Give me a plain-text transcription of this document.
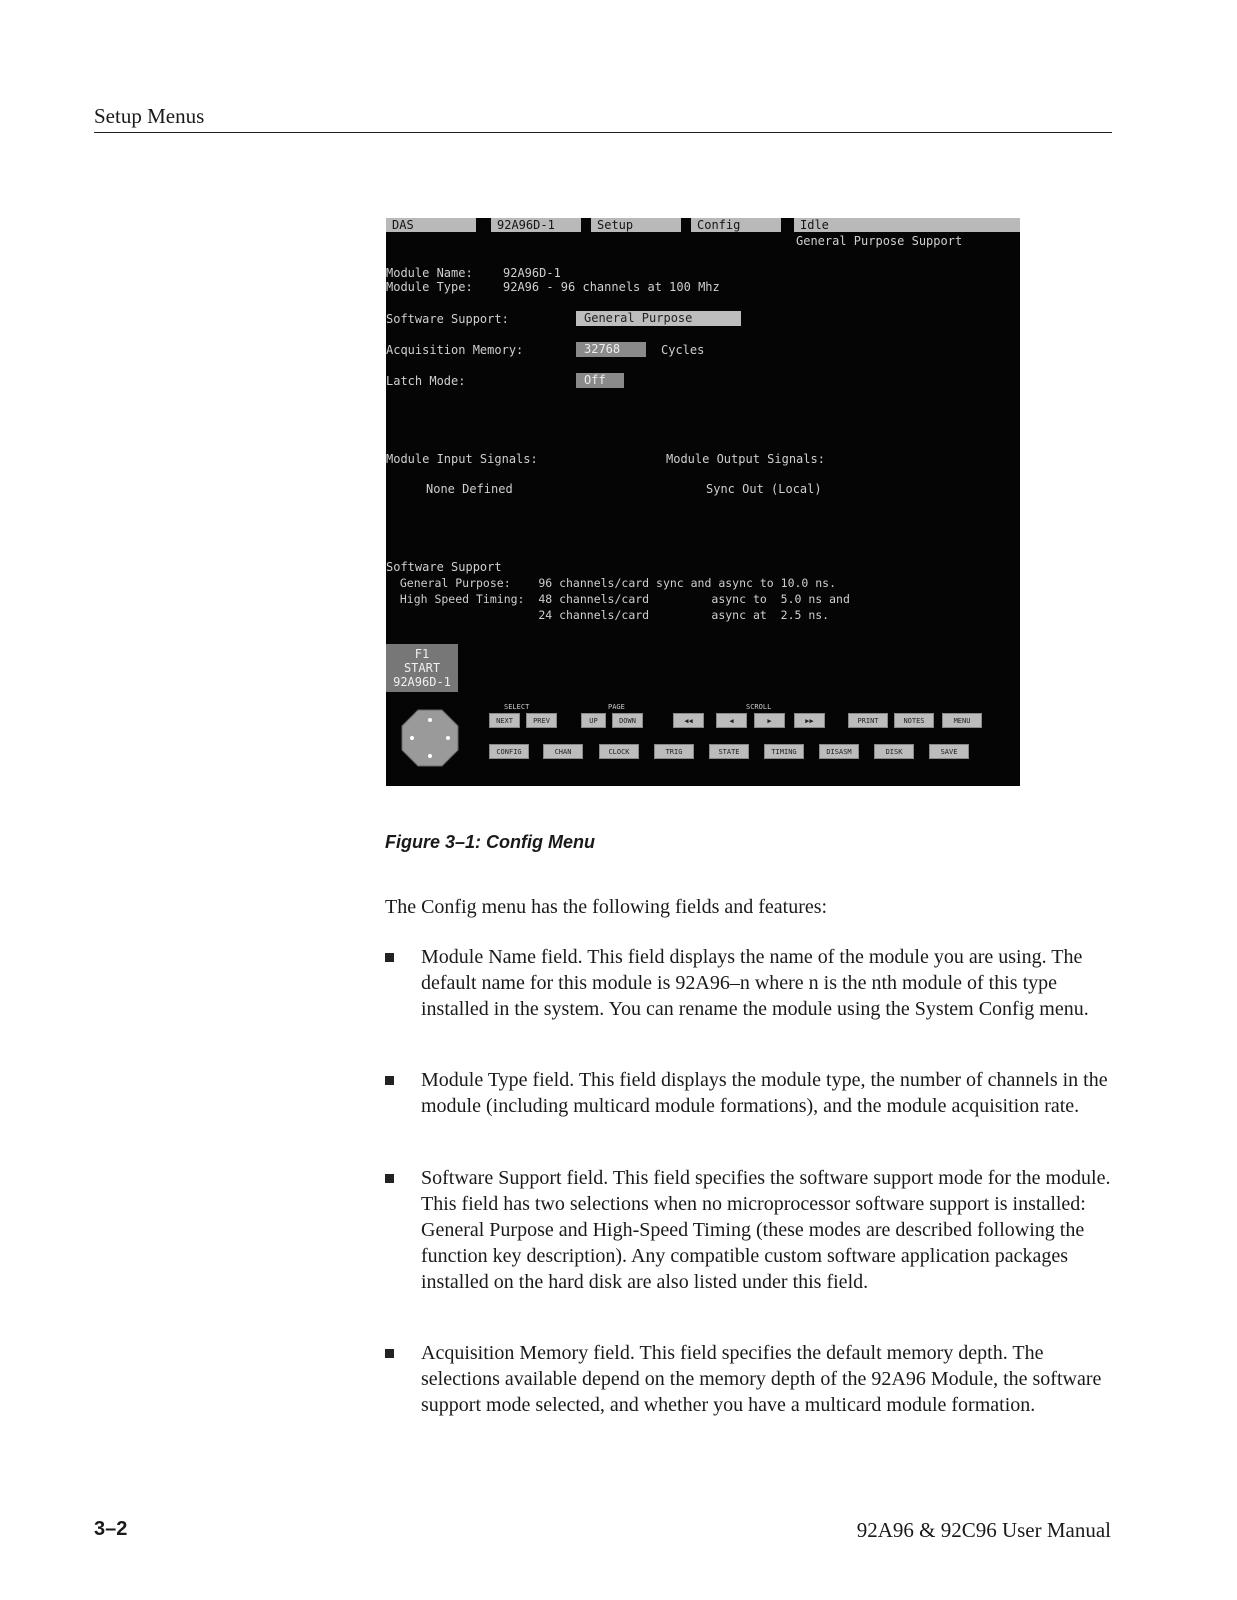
Setup Menus
DAS	92A96D-1	Setup	Config	Idle
General Purpose Support
Module Name:	92A96D-1
Module Type:	92A96 - 96 channels at 100 Mhz
Software Support:	General Purpose
Acquisition Memory:	32768	Cycles
Latch Mode:	Off
Module Input Signals:
None Defined
Module Output Signals:
Sync Out (Local)
Software Support
General Purpose:    96 channels/card sync and async to 10.0 ns.
High Speed Timing:  48 channels/card         async to  5.0 ns and
24 channels/card         async at  2.5 ns.
F1
START
92A96D-1
SELECT	PAGE	SCROLL
NEXT	PREV	UP	DOWN	◀◀	◀	▶	▶▶	PRINT	NOTES	MENU
CONFIG	CHAN	CLOCK	TRIG	STATE	TIMING	DISASM	DISK	SAVE
Figure 3–1: Config Menu
The Config menu has the following fields and features:
Module Name field. This field displays the name of the module you are using. The default name for this module is 92A96–n where n is the nth module of this type installed in the system. You can rename the module using the System Config menu.
Module Type field. This field displays the module type, the number of channels in the module (including multicard module formations), and the module acquisition rate.
Software Support field. This field specifies the software support mode for the module. This field has two selections when no microprocessor software support is installed: General Purpose and High-Speed Timing (these modes are described following the function key description). Any compatible custom software application packages installed on the hard disk are also listed under this field.
Acquisition Memory field. This field specifies the default memory depth. The selections available depend on the memory depth of the 92A96 Module, the software support mode selected, and whether you have a multicard module formation.
3–2	92A96 & 92C96 User Manual
